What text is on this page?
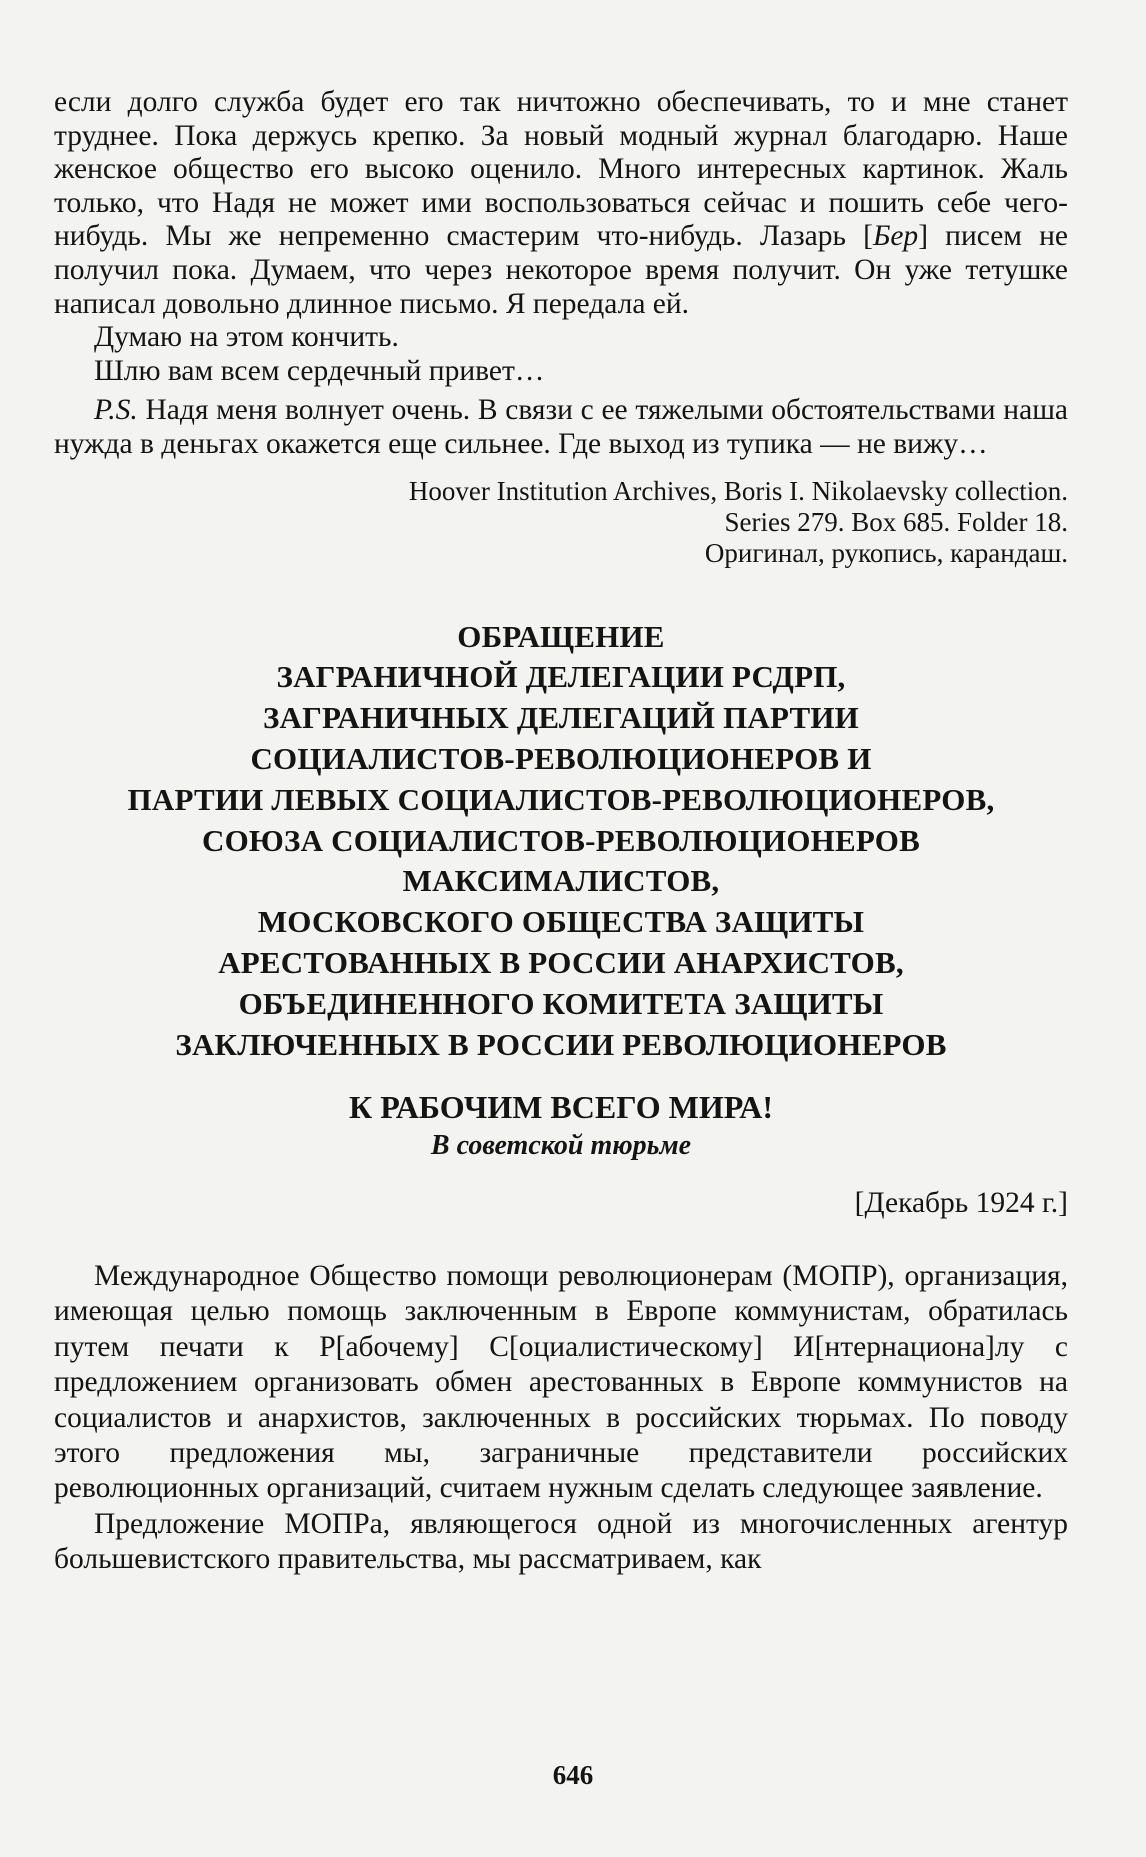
если долго служба будет его так ничтожно обеспечивать, то и мне станет труднее. Пока держусь крепко. За новый модный журнал благодарю. Наше женское общество его высоко оценило. Много интересных картинок. Жаль только, что Надя не может ими воспользоваться сейчас и пошить себе чего-нибудь. Мы же непременно смастерим что-нибудь. Лазарь [Бер] писем не получил пока. Думаем, что через некоторое время получит. Он уже тетушке написал довольно длинное письмо. Я передала ей.

Думаю на этом кончить.

Шлю вам всем сердечный привет…

P.S. Надя меня волнует очень. В связи с ее тяжелыми обстоятельствами наша нужда в деньгах окажется еще сильнее. Где выход из тупика — не вижу…

Hoover Institution Archives, Boris I. Nikolaevsky collection.
Series 279. Box 685. Folder 18.
Оригинал, рукопись, карандаш.
ОБРАЩЕНИЕ
ЗАГРАНИЧНОЙ ДЕЛЕГАЦИИ РСДРП,
ЗАГРАНИЧНЫХ ДЕЛЕГАЦИЙ ПАРТИИ
СОЦИАЛИСТОВ-РЕВОЛЮЦИОНЕРОВ И
ПАРТИИ ЛЕВЫХ СОЦИАЛИСТОВ-РЕВОЛЮЦИОНЕРОВ,
СОЮЗА СОЦИАЛИСТОВ-РЕВОЛЮЦИОНЕРОВ
МАКСИМАЛИСТОВ,
МОСКОВСКОГО ОБЩЕСТВА ЗАЩИТЫ
АРЕСТОВАННЫХ В РОССИИ АНАРХИСТОВ,
ОБЪЕДИНЕННОГО КОМИТЕТА ЗАЩИТЫ
ЗАКЛЮЧЕННЫХ В РОССИИ РЕВОЛЮЦИОНЕРОВ
К РАБОЧИМ ВСЕГО МИРА!
В советской тюрьме
[Декабрь 1924 г.]

Международное Общество помощи революционерам (МОПР), организация, имеющая целью помощь заключенным в Европе коммунистам, обратилась путем печати к Р[абочему] С[оциалистическому] И[нтернациона]лу с предложением организовать обмен арестованных в Европе коммунистов на социалистов и анархистов, заключенных в российских тюрьмах. По поводу этого предложения мы, заграничные представители российских революционных организаций, считаем нужным сделать следующее заявление.

Предложение МОПРа, являющегося одной из многочисленных агентур большевистского правительства, мы рассматриваем, как

646
